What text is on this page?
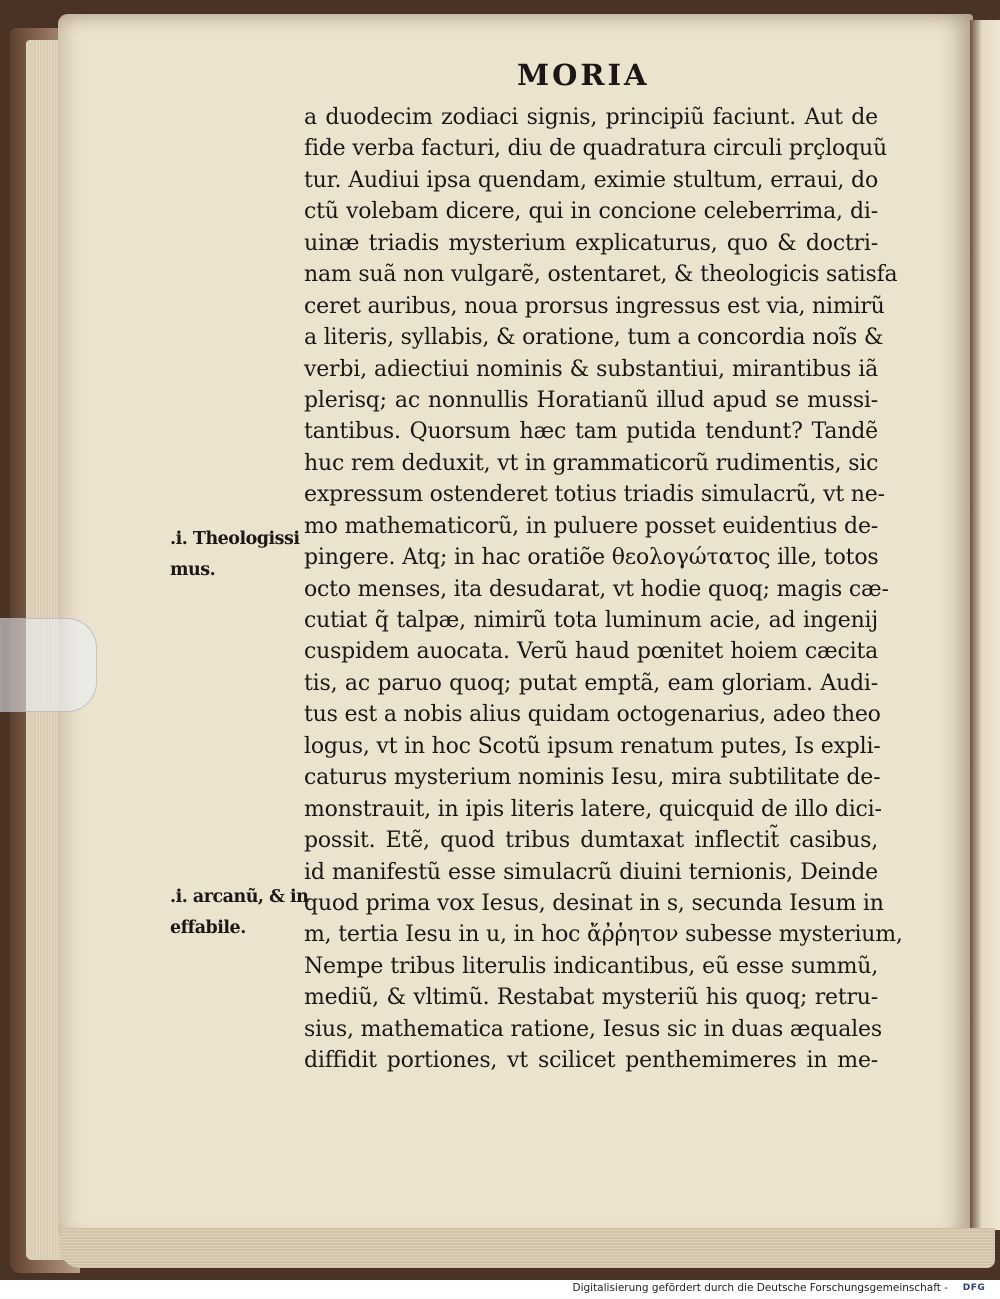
MORIA
a duodecim zodiaci signis, principiũ faciunt. Aut de
fide verba facturi, diu de quadratura circuli prçloquũ
tur. Audiui ipsa quendam, eximie stultum, erraui, do
ctũ volebam dicere, qui in concione celeberrima, di-
uinæ triadis mysterium explicaturus, quo & doctri-
nam suã non vulgarẽ, ostentaret, & theologicis satisfa
ceret auribus, noua prorsus ingressus est via, nimirũ
a literis, syllabis, & oratione, tum a concordia noĩs &
verbi, adiectiui nominis & substantiui, mirantibus iã
plerisq; ac nonnullis Horatianũ illud apud se mussi-
tantibus. Quorsum hæc tam putida tendunt? Tandẽ
huc rem deduxit, vt in grammaticorũ rudimentis, sic
expressum ostenderet totius triadis simulacrũ, vt ne-
mo mathematicorũ, in puluere posset euidentius de-
pingere. Atq; in hac oratiõe θεολογώτατος ille, totos
octo menses, ita desudarat, vt hodie quoq; magis cæ-
cutiat q̃ talpæ, nimirũ tota luminum acie, ad ingenij
cuspidem auocata. Verũ haud pœnitet hoiem cæcita
tis, ac paruo quoq; putat emptã, eam gloriam. Audi-
tus est a nobis alius quidam octogenarius, adeo theo
logus, vt in hoc Scotũ ipsum renatum putes, Is expli-
caturus mysterium nominis Iesu, mira subtilitate de-
monstrauit, in ipis literis latere, quicquid de illo dici-
possit. Etẽ, quod tribus dumtaxat inflectit̃ casibus,
id manifestũ esse simulacrũ diuini ternionis, Deinde
quod prima vox Iesus, desinat in s, secunda Iesum in
m, tertia Iesu in u, in hoc ἄῤῥητον subesse mysterium,
Nempe tribus literulis indicantibus, eũ esse summũ,
mediũ, & vltimũ. Restabat mysteriũ his quoq; retru-
sius, mathematica ratione, Iesus sic in duas æquales
diffidit portiones, vt scilicet penthemimeres in me-
.i. Theologissi
mus.
.i. arcanũ, & in
effabile.
Digitalisierung gefördert durch die Deutsche Forschungsgemeinschaft - DFG
